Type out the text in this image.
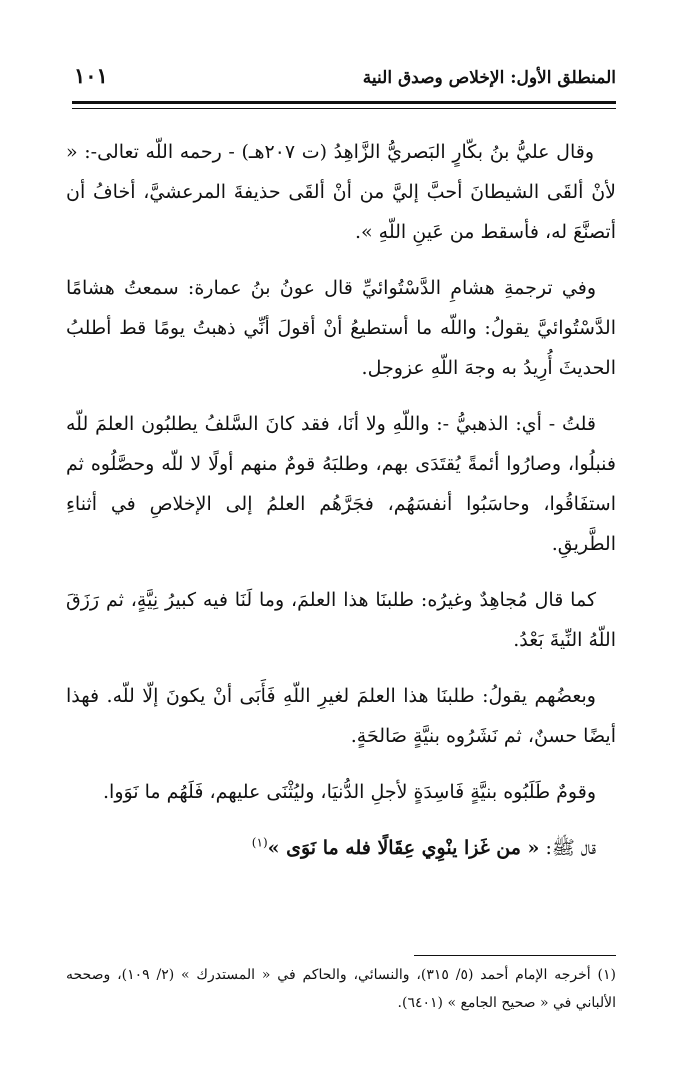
المنطلق الأول: الإخلاص وصدق النية
١٠١

وقال عليُّ بنُ بكّارٍ البَصريُّ الزَّاهِدُ (ت ٢٠٧هـ) - رحمه اللّه تعالى-: « لأنْ ألقَى الشيطانَ أحبَّ إليَّ من أنْ ألقَى حذيفةَ المرعشيَّ، أخافُ أن أتصنَّعَ له، فأسقط من عَينِ اللّهِ ».

وفي ترجمةِ هشامِ الدَّسْتُوائيِّ قال عونُ بنُ عمارة: سمعتُ هشامًا الدَّسْتُوائيَّ يقولُ: واللّه ما أستطيعُ أنْ أقولَ أنِّي ذهبتُ يومًا قط أطلبُ الحديثَ أُرِيدُ به وجهَ اللّهِ عزوجل.

قلتُ - أي: الذهبيُّ -: واللّهِ ولا أنَا، فقد كانَ السَّلفُ يطلبُون العلمَ للّه فنبلُوا، وصارُوا أئمةً يُقتَدَى بهم، وطلبَهُ قومٌ منهم أولًا لا للّه وحصَّلُوه ثم استفَاقُوا، وحاسَبُوا أنفسَهُم، فجَرَّهُم العلمُ إلى الإخلاصِ في أثناءِ الطَّريقِ.

كما قال مُجاهِدٌ وغيرُه: طلبنَا هذا العلمَ، وما لَنَا فيه كبيرُ نِيَّةٍ، ثم رَزَقَ اللّهُ النِّيةَ بَعْدُ.

وبعضُهم يقولُ: طلبنَا هذا العلمَ لغيرِ اللّهِ فَأَبَى أنْ يكونَ إلّا للّه. فهذا أيضًا حسنٌ، ثم نَشَرُوه بنيَّةٍ صَالحَةٍ.

وقومٌ طَلَبُوه بنيَّةٍ فَاسِدَةٍ لأجلِ الدُّنيَا، وليُثْنَى عليهم، فَلَهُم ما نَوَوا.

قال ﷺ: « من غَزا ينْوِي عِقَالًا فله ما نَوَى »$^{(١)}$

(١) أخرجه الإمام أحمد (٥/ ٣١٥)، والنسائي، والحاكم في « المستدرك » (٢/ ١٠٩)، وصححه الألباني في « صحيح الجامع » (٦٤٠١).
